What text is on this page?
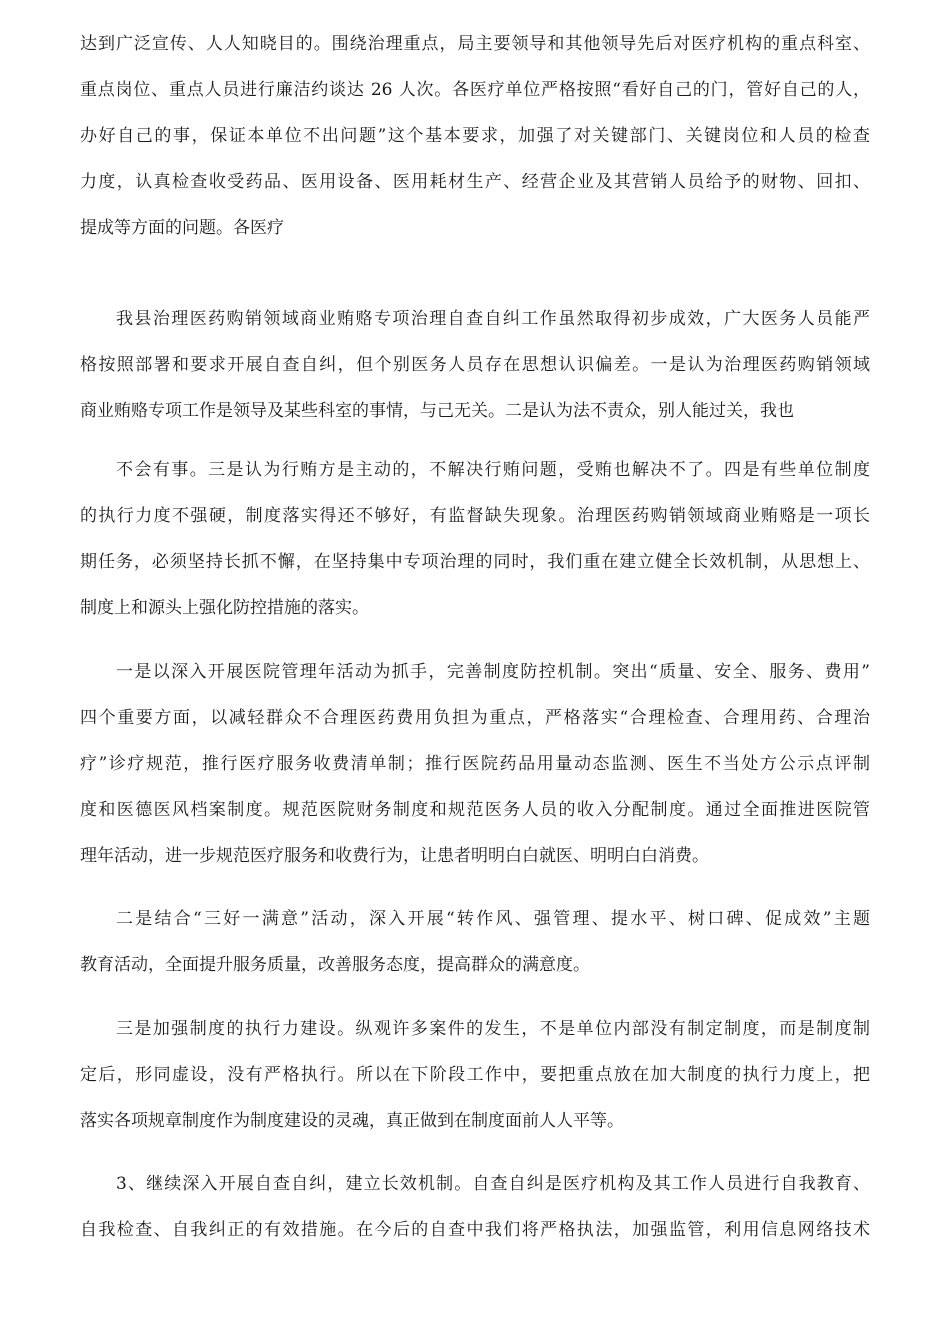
达到广泛宣传、人人知晓目的。围绕治理重点，局主要领导和其他领导先后对医疗机构的重点科室、
重点岗位、重点人员进行廉洁约谈达 26 人次。各医疗单位严格按照“看好自己的门，管好自己的人，
办好自己的事，保证本单位不出问题”这个基本要求，加强了对关键部门、关键岗位和人员的检查
力度，认真检查收受药品、医用设备、医用耗材生产、经营企业及其营销人员给予的财物、回扣、
提成等方面的问题。各医疗
我县治理医药购销领域商业贿赂专项治理自查自纠工作虽然取得初步成效，广大医务人员能严
格按照部署和要求开展自查自纠，但个别医务人员存在思想认识偏差。一是认为治理医药购销领域
商业贿赂专项工作是领导及某些科室的事情，与己无关。二是认为法不责众，别人能过关，我也
不会有事。三是认为行贿方是主动的，不解决行贿问题，受贿也解决不了。四是有些单位制度
的执行力度不强硬，制度落实得还不够好，有监督缺失现象。治理医药购销领域商业贿赂是一项长
期任务，必须坚持长抓不懈，在坚持集中专项治理的同时，我们重在建立健全长效机制，从思想上、
制度上和源头上强化防控措施的落实。
一是以深入开展医院管理年活动为抓手，完善制度防控机制。突出“质量、安全、服务、费用”
四个重要方面，以减轻群众不合理医药费用负担为重点，严格落实“合理检查、合理用药、合理治
疗”诊疗规范，推行医疗服务收费清单制；推行医院药品用量动态监测、医生不当处方公示点评制
度和医德医风档案制度。规范医院财务制度和规范医务人员的收入分配制度。通过全面推进医院管
理年活动，进一步规范医疗服务和收费行为，让患者明明白白就医、明明白白消费。
二是结合“三好一满意”活动，深入开展“转作风、强管理、提水平、树口碑、促成效”主题
教育活动，全面提升服务质量，改善服务态度，提高群众的满意度。
三是加强制度的执行力建设。纵观许多案件的发生，不是单位内部没有制定制度，而是制度制
定后，形同虚设，没有严格执行。所以在下阶段工作中，要把重点放在加大制度的执行力度上，把
落实各项规章制度作为制度建设的灵魂，真正做到在制度面前人人平等。
3、继续深入开展自查自纠，建立长效机制。自查自纠是医疗机构及其工作人员进行自我教育、
自我检查、自我纠正的有效措施。在今后的自查中我们将严格执法，加强监管，利用信息网络技术
